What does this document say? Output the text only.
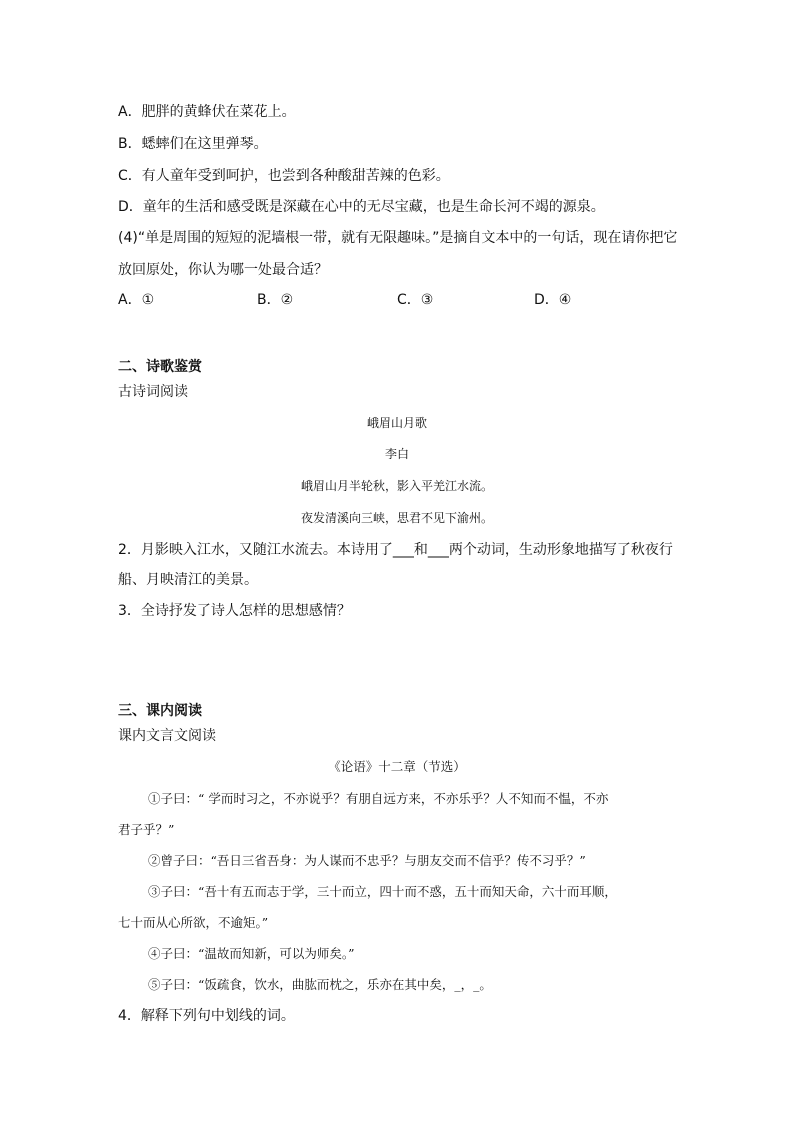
A．肥胖的黄蜂伏在菜花上。
B．蟋蟀们在这里弹琴。
C．有人童年受到呵护，也尝到各种酸甜苦辣的色彩。
D．童年的生活和感受既是深藏在心中的无尽宝藏，也是生命长河不竭的源泉。
(4)“单是周围的短短的泥墙根一带，就有无限趣味。”是摘自文本中的一句话，现在请你把它
放回原处，你认为哪一处最合适？
A．①	B．②	C．③	D．④
二、诗歌鉴赏
古诗词阅读
峨眉山月歌
李白
峨眉山月半轮秋，影入平羌江水流。
夜发清溪向三峡，思君不见下渝州。
2．月影映入江水，又随江水流去。本诗用了___和___两个动词，生动形象地描写了秋夜行
船、月映清江的美景。
3．全诗抒发了诗人怎样的思想感情？
三、课内阅读
课内文言文阅读
《论语》十二章（节选）
①子曰：“ 学而时习之，不亦说乎？有朋自远方来，不亦乐乎？人不知而不愠，不亦
君子乎？”
②曾子曰：“吾日三省吾身：为人谋而不忠乎？与朋友交而不信乎？传不习乎？”
③子曰：“吾十有五而志于学，三十而立，四十而不惑，五十而知天命，六十而耳顺，
七十而从心所欲，不逾矩。”
④子曰：“温故而知新，可以为师矣。”
⑤子曰：“饭疏食，饮水，曲肱而枕之，乐亦在其中矣，_，_。
4．解释下列句中划线的词。
